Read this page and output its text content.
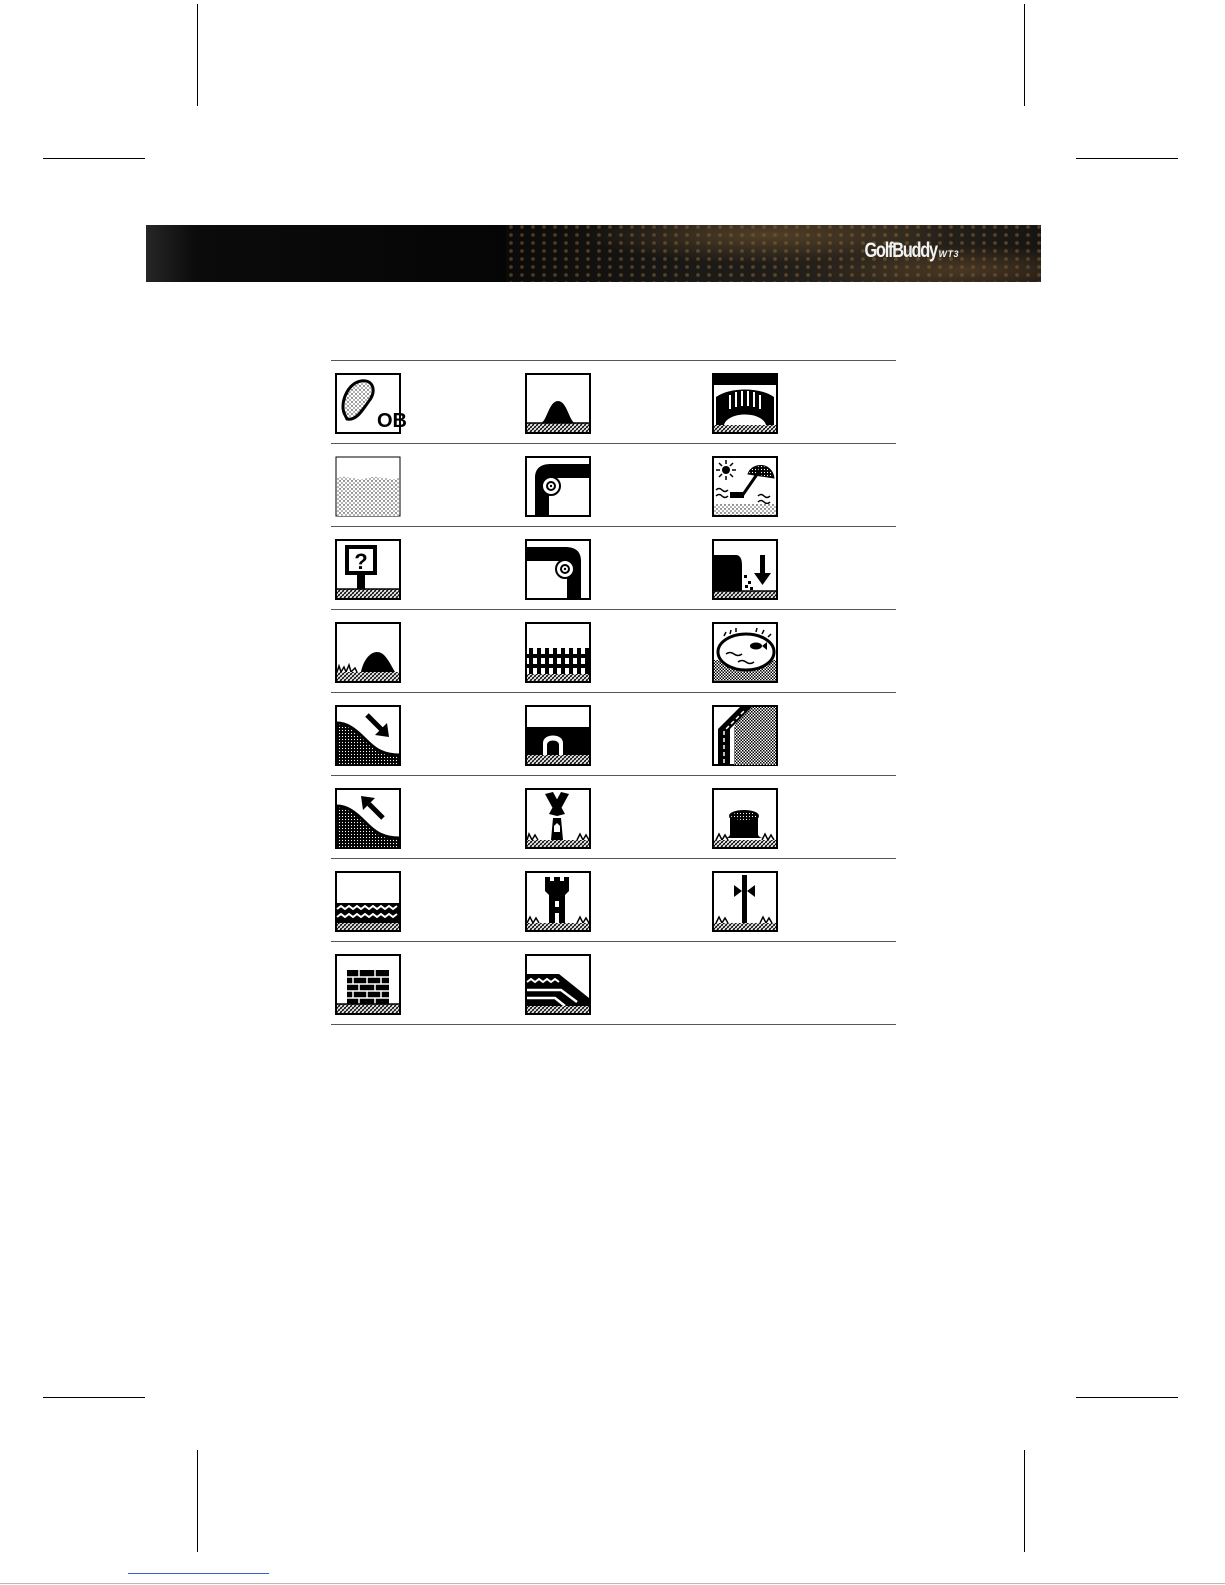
GolfBuddy WT3
OB
?
